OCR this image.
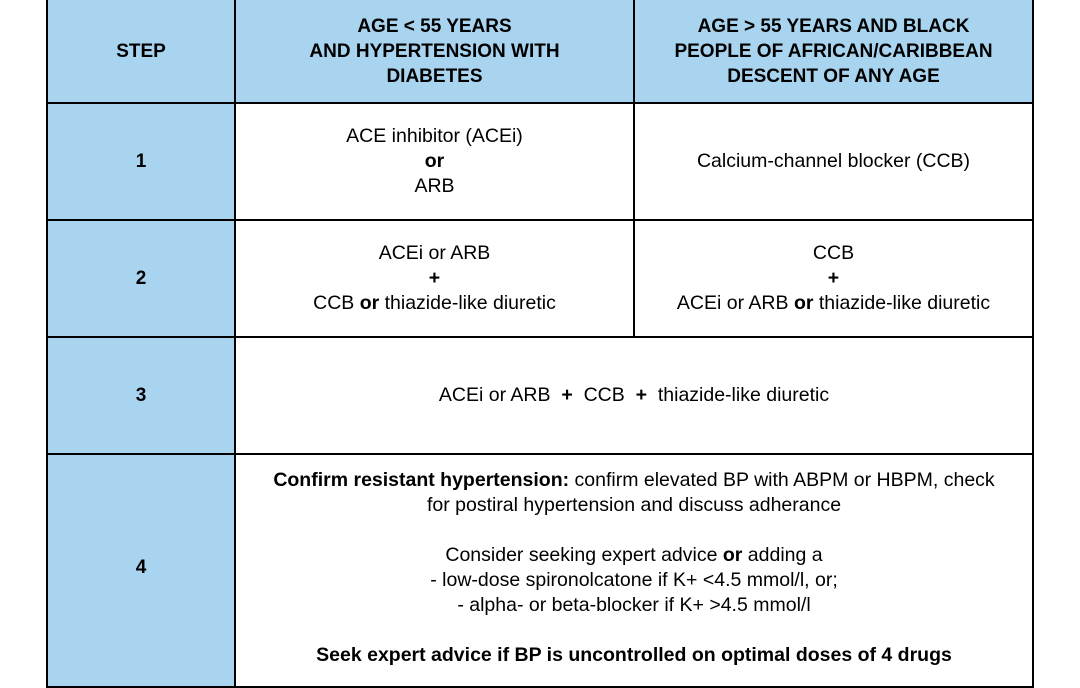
STEP
AGE < 55 YEARS
AND HYPERTENSION WITH
DIABETES
AGE > 55 YEARS AND BLACK
PEOPLE OF AFRICAN/CARIBBEAN
DESCENT OF ANY AGE
1
ACE inhibitor (ACEi)
or
ARB
Calcium-channel blocker (CCB)
2
ACEi or ARB
+
CCB or thiazide-like diuretic
CCB
+
ACEi or ARB or thiazide-like diuretic
3	ACEi or ARB + CCB + thiazide-like diuretic
4
Confirm resistant hypertension: confirm elevated BP with ABPM or HBPM, check
for postiral hypertension and discuss adherance
Consider seeking expert advice or adding a
- low-dose spironolcatone if K+ <4.5 mmol/l, or;
- alpha- or beta-blocker if K+ >4.5 mmol/l
Seek expert advice if BP is uncontrolled on optimal doses of 4 drugs
